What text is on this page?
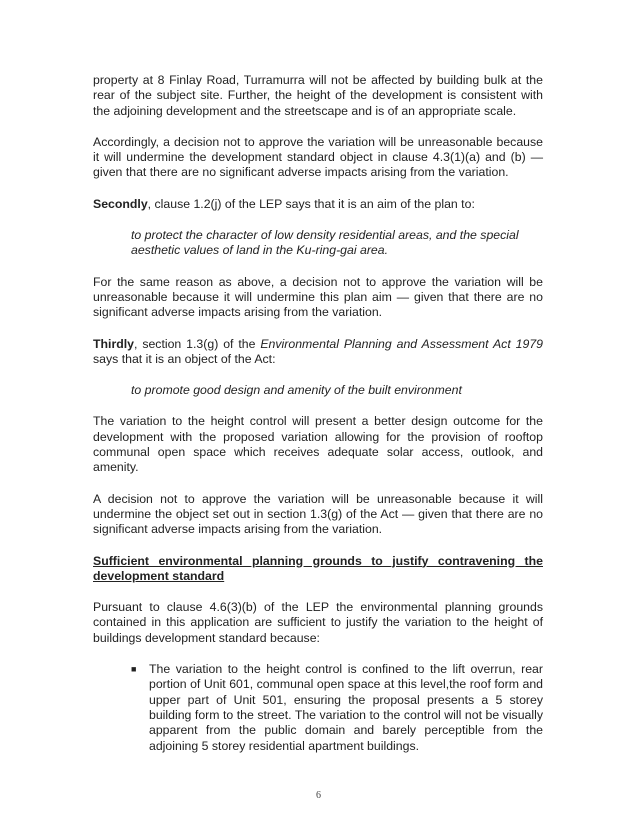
property at 8 Finlay Road, Turramurra will not be affected by building bulk at the rear of the subject site. Further, the height of the development is consistent with the adjoining development and the streetscape and is of an appropriate scale.

Accordingly, a decision not to approve the variation will be unreasonable because it will undermine the development standard object in clause 4.3(1)(a) and (b) — given that there are no significant adverse impacts arising from the variation.

Secondly, clause 1.2(j) of the LEP says that it is an aim of the plan to:

to protect the character of low density residential areas, and the special aesthetic values of land in the Ku-ring-gai area.

For the same reason as above, a decision not to approve the variation will be unreasonable because it will undermine this plan aim — given that there are no significant adverse impacts arising from the variation.

Thirdly, section 1.3(g) of the Environmental Planning and Assessment Act 1979 says that it is an object of the Act:

to promote good design and amenity of the built environment

The variation to the height control will present a better design outcome for the development with the proposed variation allowing for the provision of rooftop communal open space which receives adequate solar access, outlook, and amenity.

A decision not to approve the variation will be unreasonable because it will undermine the object set out in section 1.3(g) of the Act — given that there are no significant adverse impacts arising from the variation.

Sufficient environmental planning grounds to justify contravening the development standard

Pursuant to clause 4.6(3)(b) of the LEP the environmental planning grounds contained in this application are sufficient to justify the variation to the height of buildings development standard because:

■ The variation to the height control is confined to the lift overrun, rear portion of Unit 601, communal open space at this level,the roof form and upper part of Unit 501, ensuring the proposal presents a 5 storey building form to the street. The variation to the control will not be visually apparent from the public domain and barely perceptible from the adjoining 5 storey residential apartment buildings.
6
